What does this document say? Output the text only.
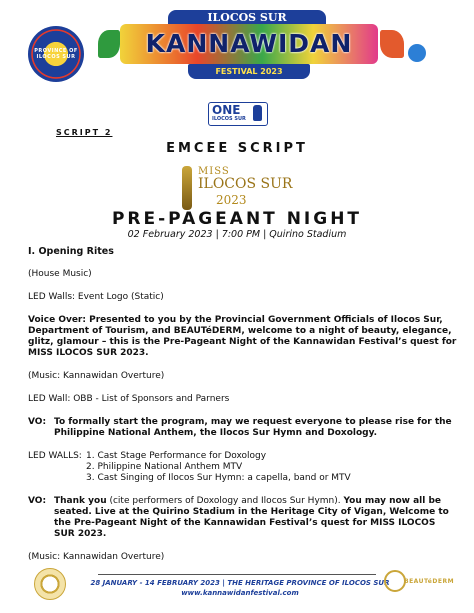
PROVINCE OF ILOCOS SUR
ILOCOS SUR
KANNAWIDAN
FESTIVAL 2023
ONE
ILOCOS SUR
SCRIPT 2
EMCEE SCRIPT
MISS
ILOCOS SUR
2023
PRE-PAGEANT NIGHT
02 February 2023 | 7:00 PM | Quirino Stadium

I. Opening Rites

(House Music)

LED Walls: Event Logo (Static)

Voice Over: Presented to you by the Provincial Government Officials of Ilocos Sur, Department of Tourism, and BEAUTéDERM, welcome to a night of beauty, elegance, glitz, glamour – this is the Pre-Pageant Night of the Kannawidan Festival’s quest for MISS ILOCOS SUR 2023.

(Music: Kannawidan Overture)

LED Wall: OBB - List of Sponsors and Parners

VO: To formally start the program, may we request everyone to please rise for the Philippine National Anthem, the Ilocos Sur Hymn and Doxology.
LED WALLS: 1. Cast Stage Performance for Doxology
2. Philippine National Anthem MTV
3. Cast Singing of Ilocos Sur Hymn: a capella, band or MTV
VO: Thank you (cite performers of Doxology and Ilocos Sur Hymn). You may now all be seated. Live at the Quirino Stadium in the Heritage City of Vigan, Welcome to the Pre-Pageant Night of the Kannawidan Festival’s quest for MISS ILOCOS SUR 2023.

(Music: Kannawidan Overture)

28 JANUARY - 14 FEBRUARY 2023 | THE HERITAGE PROVINCE OF ILOCOS SUR
www.kannawidanfestival.com
BEAUTéDERM
